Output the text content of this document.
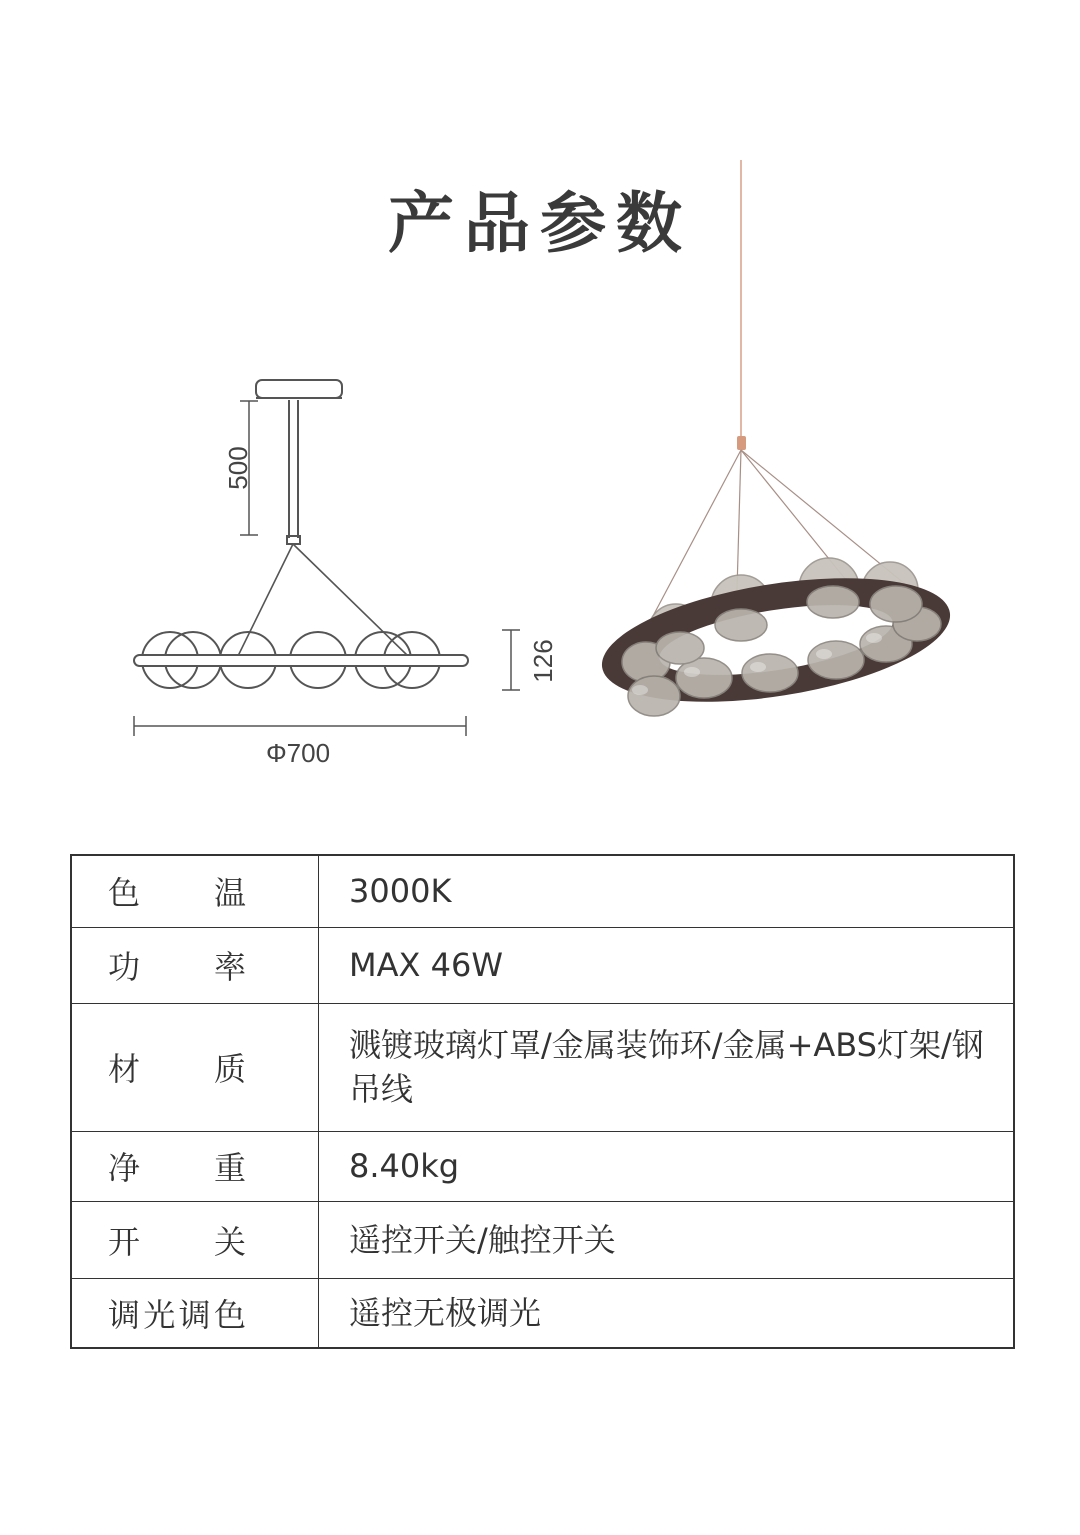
产品参数
500
126
Φ700
色 温	3000K

功 率	MAX 46W

材 质	溅镀玻璃灯罩/金属装饰环/金属+ABS灯架/钢吊线

净 重	8.40kg

开 关	遥控开关/触控开关

调 光 调 色	遥控无极调光
